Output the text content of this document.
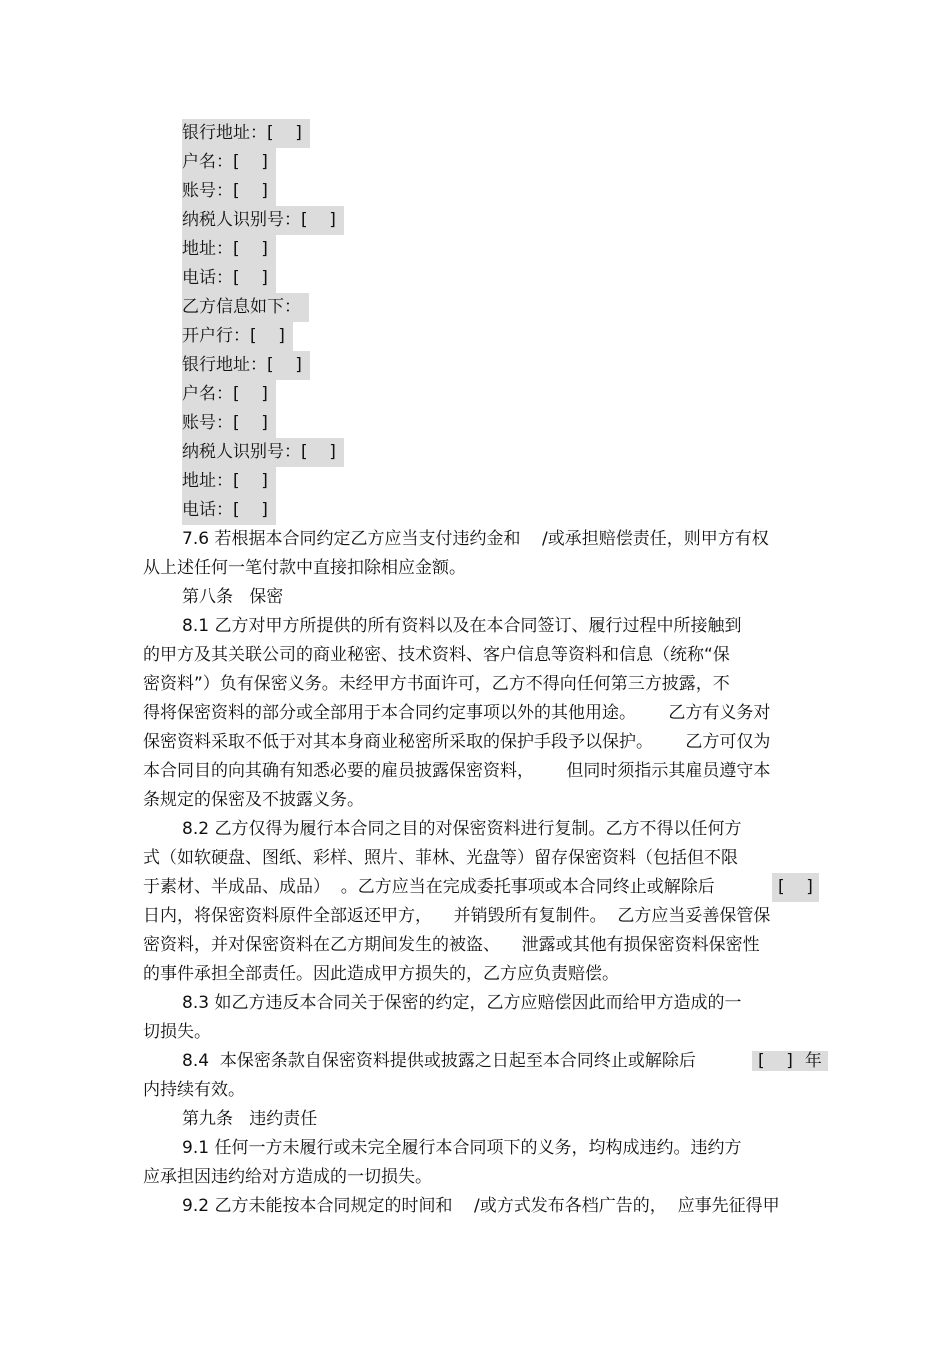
银行地址：[    ]
户名：[    ]
账号：[    ]
纳税人识别号：[    ]
地址：[    ]
电话：[    ]
乙方信息如下：
开户行：[    ]
银行地址：[    ]
户名：[    ]
账号：[    ]
纳税人识别号：[    ]
地址：[    ]
电话：[    ]
7.6 若根据本合同约定乙方应当支付违约金和    /或承担赔偿责任，则甲方有权
从上述任何一笔付款中直接扣除相应金额。
第八条   保密
8.1 乙方对甲方所提供的所有资料以及在本合同签订、履行过程中所接触到
的甲方及其关联公司的商业秘密、技术资料、客户信息等资料和信息（统称“保
密资料”）负有保密义务。未经甲方书面许可，乙方不得向任何第三方披露，不
得将保密资料的部分或全部用于本合同约定事项以外的其他用途。      乙方有义务对
保密资料采取不低于对其本身商业秘密所采取的保护手段予以保护。      乙方可仅为
本合同目的向其确有知悉必要的雇员披露保密资料，      但同时须指示其雇员遵守本
条规定的保密及不披露义务。
8.2 乙方仅得为履行本合同之目的对保密资料进行复制。乙方不得以任何方
式（如软硬盘、图纸、彩样、照片、菲林、光盘等）留存保密资料（包括但不限
于素材、半成品、成品）  。乙方应当在完成委托事项或本合同终止或解除后	[    ]
日内，将保密资料原件全部返还甲方，    并销毁所有复制件。  乙方应当妥善保管保
密资料，并对保密资料在乙方期间发生的被盗、    泄露或其他有损保密资料保密性
的事件承担全部责任。因此造成甲方损失的，乙方应负责赔偿。
8.3 如乙方违反本合同关于保密的约定，乙方应赔偿因此而给甲方造成的一
切损失。
8.4  本保密条款自保密资料提供或披露之日起至本合同终止或解除后	[    ] 年
内持续有效。
第九条   违约责任
9.1 任何一方未履行或未完全履行本合同项下的义务，均构成违约。违约方
应承担因违约给对方造成的一切损失。
9.2 乙方未能按本合同规定的时间和    /或方式发布各档广告的，  应事先征得甲
